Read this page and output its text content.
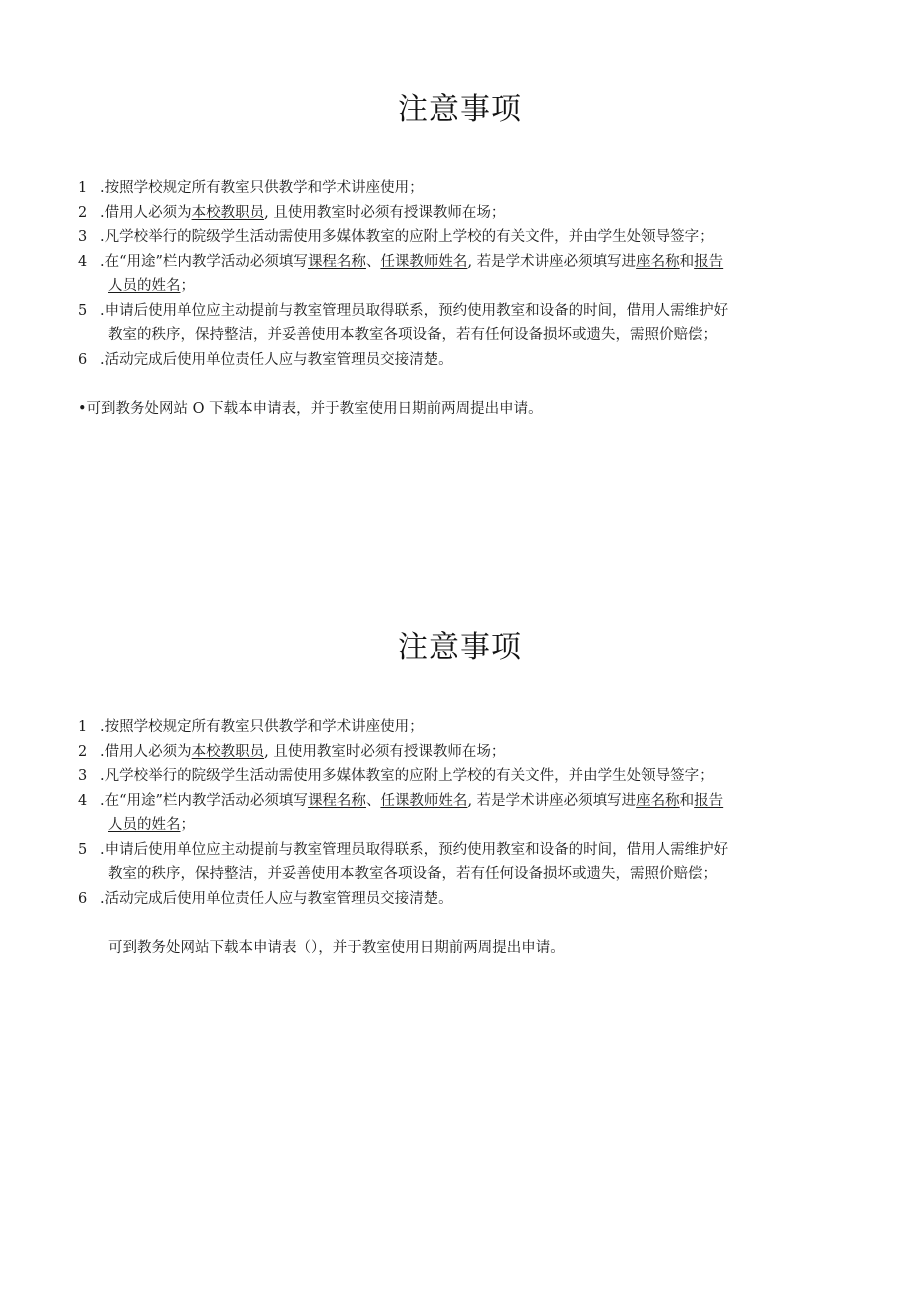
注意事项
1 .按照学校规定所有教室只供教学和学术讲座使用；
2 .借用人必须为本校教职员, 且使用教室时必须有授课教师在场；
3 .凡学校举行的院级学生活动需使用多媒体教室的应附上学校的有关文件，并由学生处领导签字；
4 .在“用途”栏内教学活动必须填写课程名称、任课教师姓名, 若是学术讲座必须填写进座名称和报告
人员的姓名；
5 .申请后使用单位应主动提前与教室管理员取得联系，预约使用教室和设备的时间，借用人需维护好
教室的秩序，保持整洁，并妥善使用本教室各项设备，若有任何设备损坏或遗失，需照价赔偿；
6 .活动完成后使用单位责任人应与教室管理员交接清楚。
•可到教务处网站 O 下载本申请表，并于教室使用日期前两周提出申请。
注意事项
1 .按照学校规定所有教室只供教学和学术讲座使用；
2 .借用人必须为本校教职员, 且使用教室时必须有授课教师在场；
3 .凡学校举行的院级学生活动需使用多媒体教室的应附上学校的有关文件，并由学生处领导签字；
4 .在“用途”栏内教学活动必须填写课程名称、任课教师姓名, 若是学术讲座必须填写进座名称和报告
人员的姓名；
5 .申请后使用单位应主动提前与教室管理员取得联系，预约使用教室和设备的时间，借用人需维护好
教室的秩序，保持整洁，并妥善使用本教室各项设备，若有任何设备损坏或遗失，需照价赔偿；
6 .活动完成后使用单位责任人应与教室管理员交接清楚。
可到教务处网站下载本申请表（），并于教室使用日期前两周提出申请。
